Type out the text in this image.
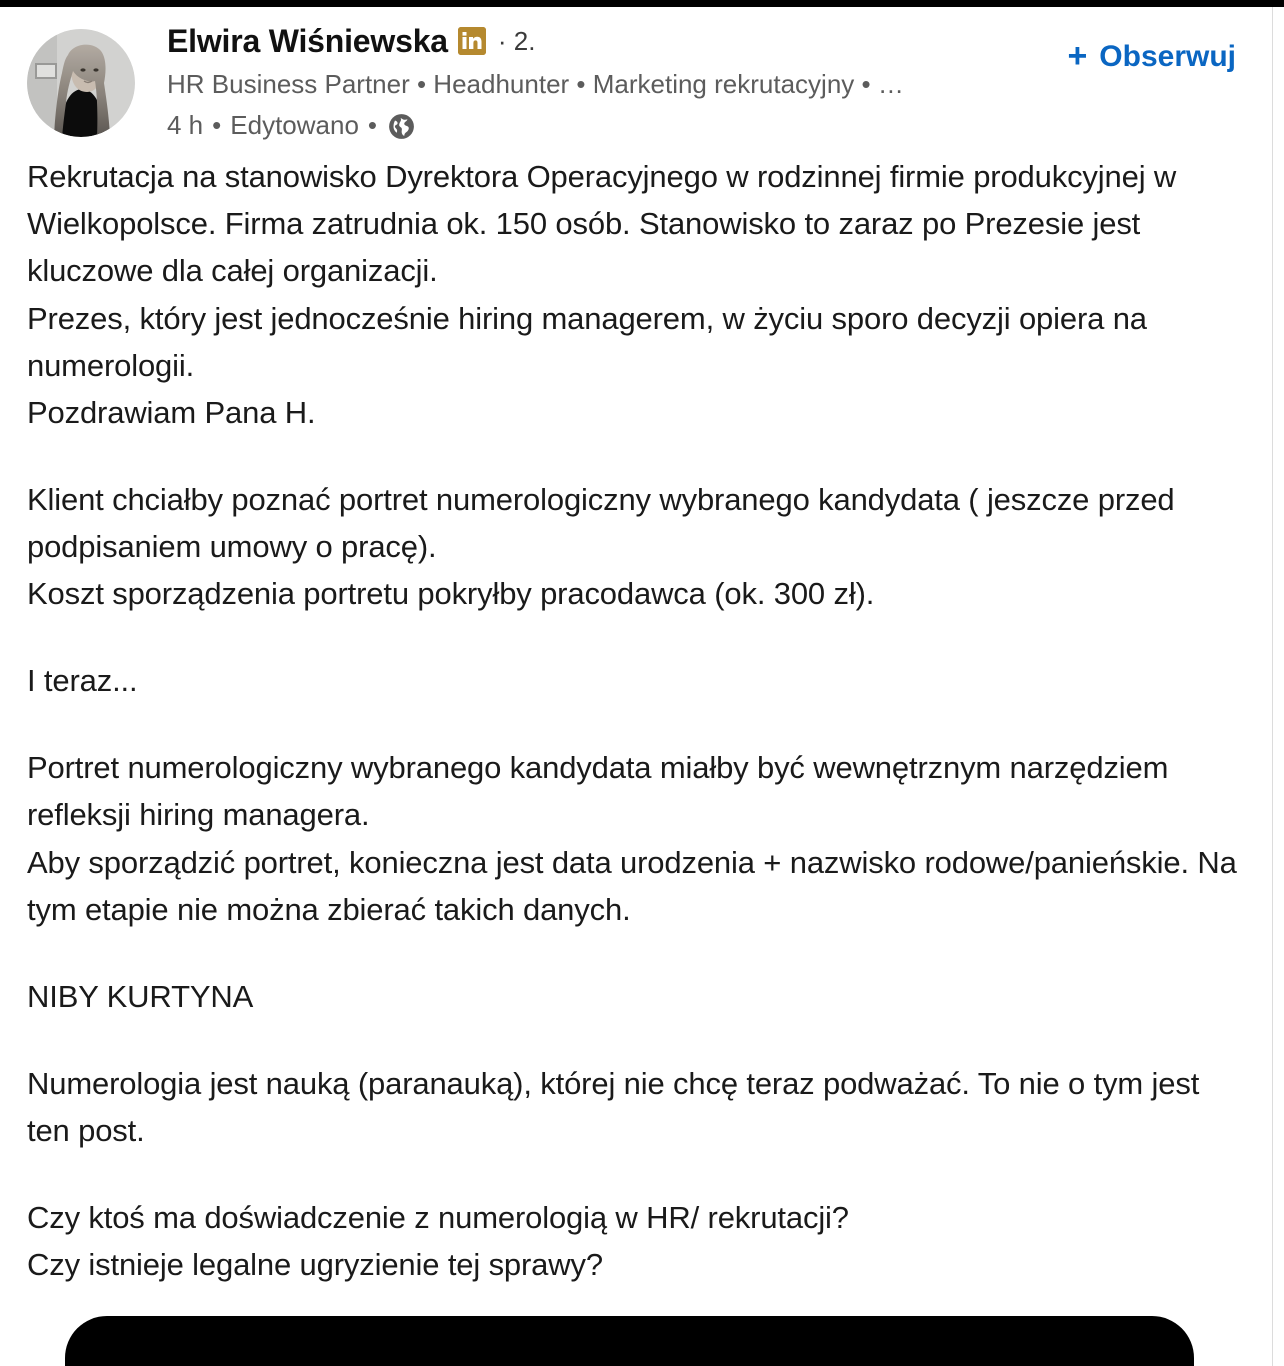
Elwira Wiśniewska · 2.
HR Business Partner • Headhunter • Marketing rekrutacyjny • …
4 h • Edytowano •
+ Obserwuj

Rekrutacja na stanowisko Dyrektora Operacyjnego w rodzinnej firmie produkcyjnej w Wielkopolsce. Firma zatrudnia ok. 150 osób. Stanowisko to zaraz po Prezesie jest kluczowe dla całej organizacji.

Prezes, który jest jednocześnie hiring managerem, w życiu sporo decyzji opiera na numerologii.

Pozdrawiam Pana H.

Klient chciałby poznać portret numerologiczny wybranego kandydata ( jeszcze przed podpisaniem umowy o pracę).

Koszt sporządzenia portretu pokryłby pracodawca (ok. 300 zł).

I teraz...

Portret numerologiczny wybranego kandydata miałby być wewnętrznym narzędziem refleksji hiring managera.

Aby sporządzić portret, konieczna jest data urodzenia + nazwisko rodowe/panieńskie. Na tym etapie nie można zbierać takich danych.

NIBY KURTYNA

Numerologia jest nauką (paranauką), której nie chcę teraz podważać. To nie o tym jest ten post.

Czy ktoś ma doświadczenie z numerologią w HR/ rekrutacji?

Czy istnieje legalne ugryzienie tej sprawy?
